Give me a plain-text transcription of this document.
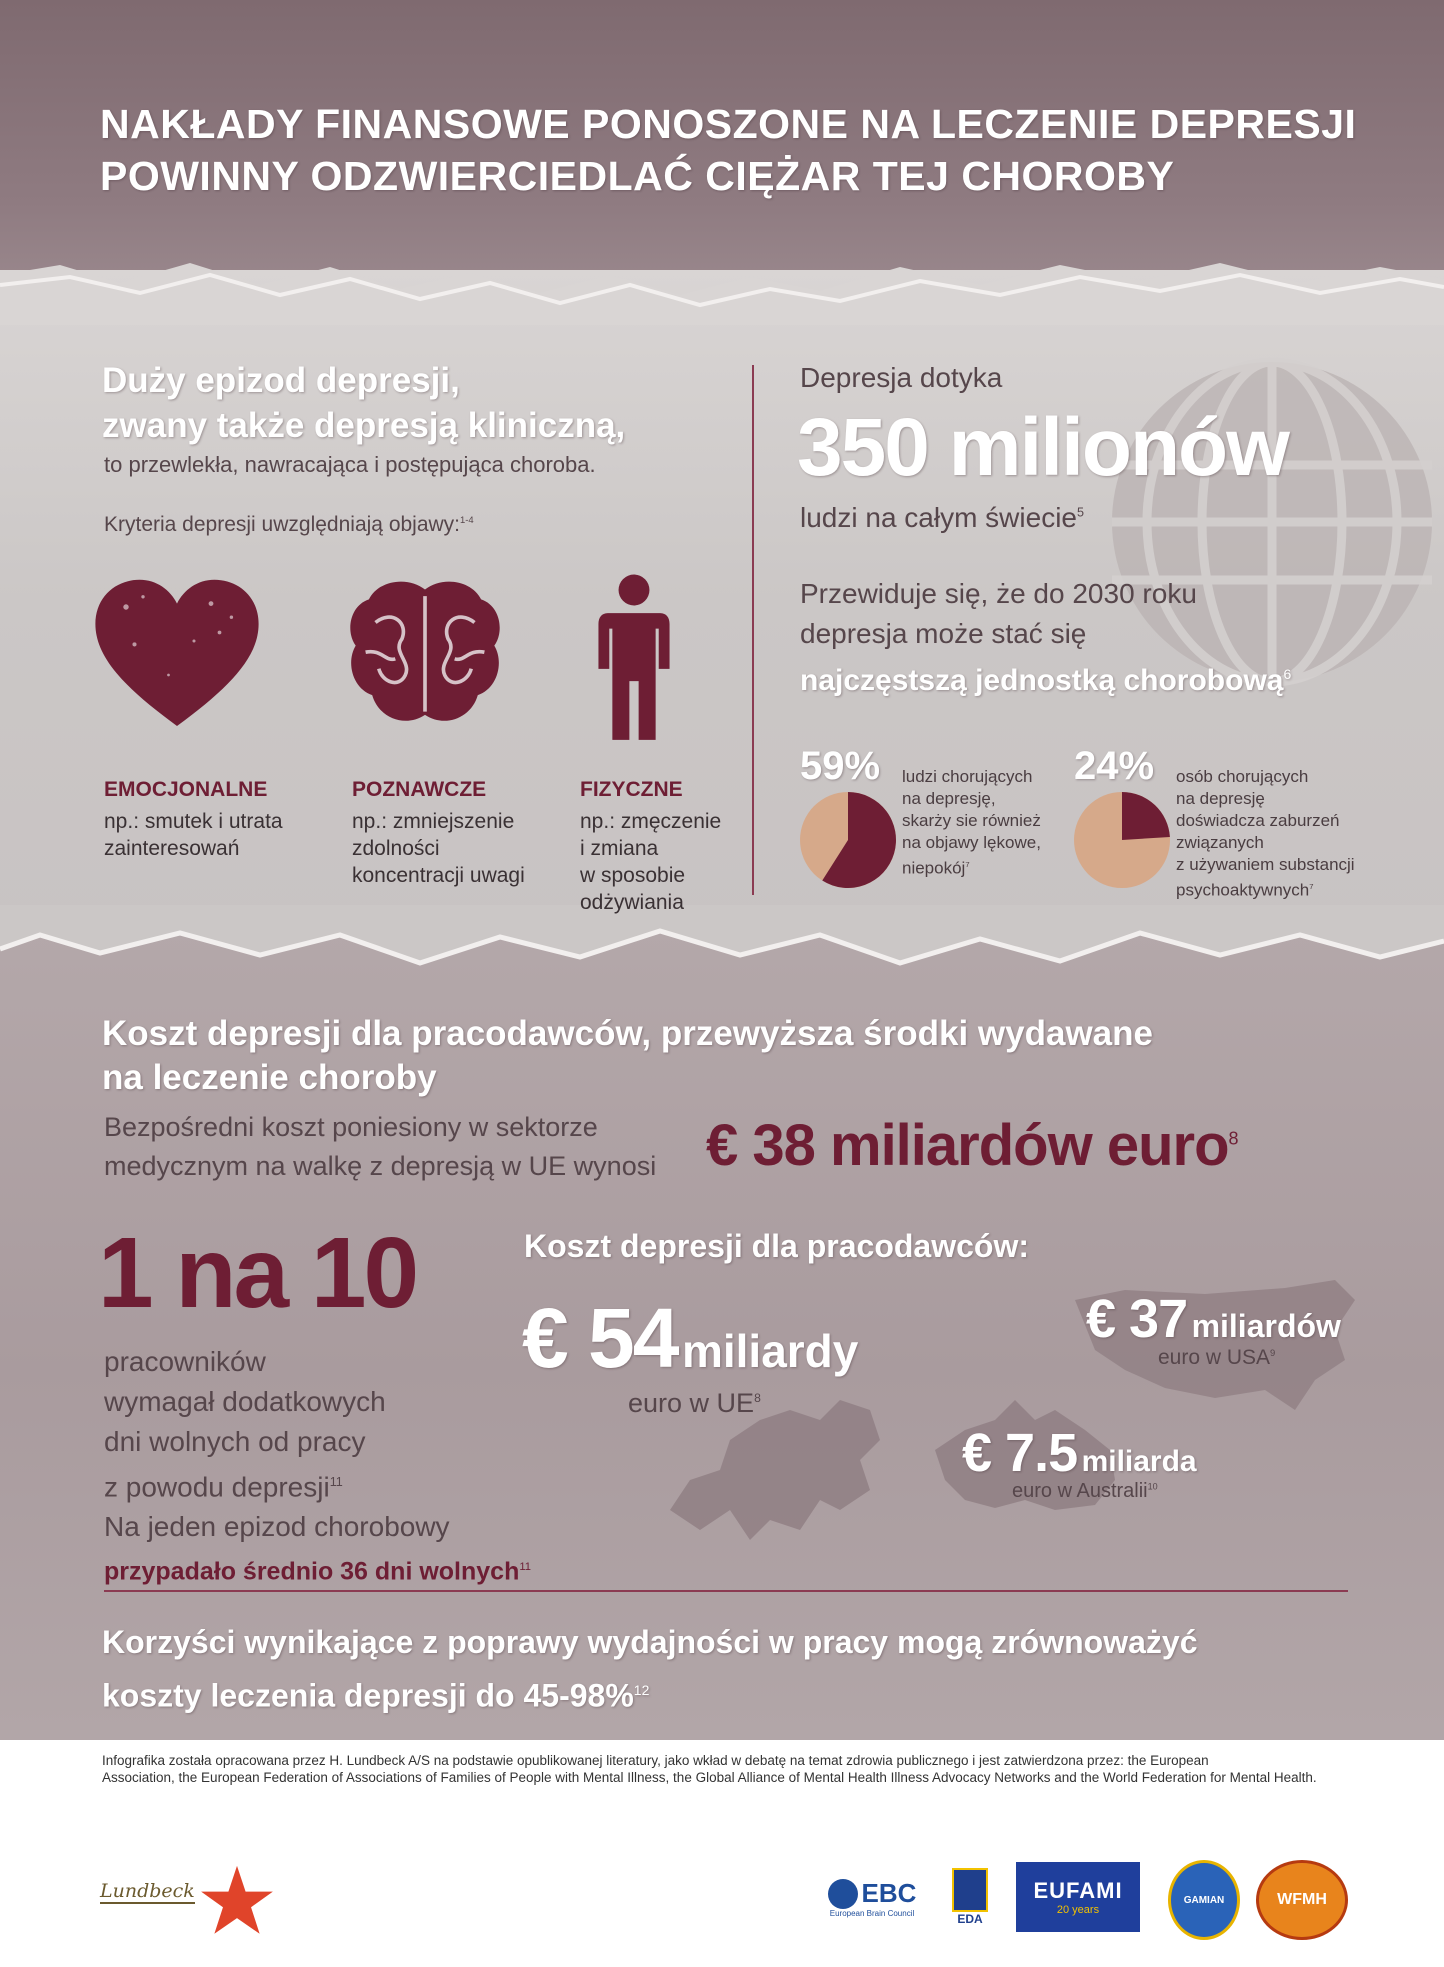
NAKŁADY FINANSOWE PONOSZONE NA LECZENIE DEPRESJI
POWINNY ODZWIERCIEDLAĆ CIĘŻAR TEJ CHOROBY
Duży epizod depresji,
zwany także depresją kliniczną,
to przewlekła, nawracająca i postępująca choroba.
Kryteria depresji uwzględniają objawy:$^{1-4}$
EMOCJONALNE
np.: smutek i utrata
zainteresowań
POZNAWCZE
np.: zmniejszenie
zdolności
koncentracji uwagi
FIZYCZNE
np.: zmęczenie
i zmiana
w sposobie
odżywiania
Depresja dotyka
350 milionów
ludzi na całym świecie$^5$
Przewiduje się, że do 2030 roku
depresja może stać się
najczęstszą jednostką chorobową$^6$
59% ludzi chorujących
na depresję,
skarży sie również
na objawy lękowe,
niepokój$^7$
24% osób chorujących
na depresję
doświadcza zaburzeń
związanych
z używaniem substancji
psychoaktywnych$^7$
Koszt depresji dla pracodawców, przewyższa środki wydawane
na leczenie choroby
Bezpośredni koszt poniesiony w sektorze
medycznym na walkę z depresją w UE wynosi € 38 miliardów euro$^8$
1 na 10
pracowników
wymagał dodatkowych
dni wolnych od pracy
z powodu depresji$^{11}$
Na jeden epizod chorobowy
przypadało średnio 36 dni wolnych$^{11}$
Koszt depresji dla pracodawców:
€ 54 miliardy
euro w $UE^8$
€ 37 miliardów
euro w USA$^9$
€ 7.5 miliarda
euro w Australii$^{10}$
Korzyści wynikające z poprawy wydajności w pracy mogą zrównoważyć
koszty leczenia depresji do 45-98%$^{12}$
Infografika została opracowana przez H. Lundbeck A/S na podstawie opublikowanej literatury, jako wkład w debatę na temat zdrowia publicznego i jest zatwierdzona przez: the European
Association, the European Federation of Associations of Families of People with Mental Illness, the Global Alliance of Mental Health Illness Advocacy Networks and the World Federation for Mental Health.
Lundbeck	EBC
European Brain Council	EDA
EUFAMI
20 years
GAMIAN	WFMH
